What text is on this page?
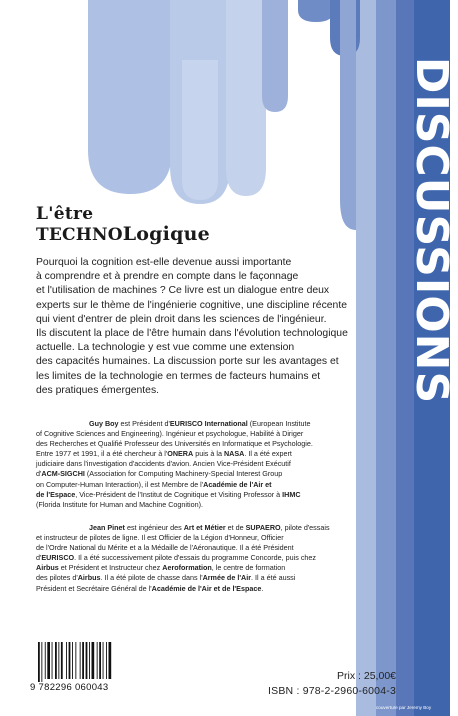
DISCUSSIONS
L'être
TECHNOLogique

Pourquoi la cognition est-elle devenue aussi importante

à comprendre et à prendre en compte dans le façonnage

et l'utilisation de machines ? Ce livre est un dialogue entre deux

experts sur le thème de l'ingénierie cognitive, une discipline récente

qui vient d'entrer de plein droit dans les sciences de l'ingénieur.

Ils discutent la place de l'être humain dans l'évolution technologique

actuelle. La technologie y est vue comme une extension

des capacités humaines. La discussion porte sur les avantages et

les limites de la technologie en termes de facteurs humains et

des pratiques émergentes.

Guy Boy est Président d'EURISCO International (European Institute

of Cognitive Sciences and Engineering). Ingénieur et psychologue, Habilité à Diriger

des Recherches et Qualifié Professeur des Universités en Informatique et Psychologie.

Entre 1977 et 1991, il a été chercheur à l'ONERA puis à la NASA. Il a été expert

judiciaire dans l'investigation d'accidents d'avion. Ancien Vice-Président Exécutif

d'ACM-SIGCHI (Association for Computing Machinery-Special Interest Group

on Computer-Human Interaction), il est Membre de l'Académie de l'Air et

de l'Espace, Vice-Président de l'Institut de Cognitique et Visiting Professor à IHMC

(Florida Institute for Human and Machine Cognition).

Jean Pinet est ingénieur des Art et Métier et de SUPAERO, pilote d'essais

et instructeur de pilotes de ligne. Il est Officier de la Légion d'Honneur, Officier

de l'Ordre National du Mérite et a la Médaille de l'Aéronautique. Il a été Président

d'EURISCO. Il a été successivement pilote d'essais du programme Concorde, puis chez

Airbus et Président et Instructeur chez Aeroformation, le centre de formation

des pilotes d'Airbus. Il a été pilote de chasse dans l'Armée de l'Air. Il a été aussi

Président et Secrétaire Général de l'Académie de l'Air et de l'Espace.

9 782296 060043
Prix : 25,00€
ISBN : 978-2-2960-6004-3
couverture par Jeremy Boy
